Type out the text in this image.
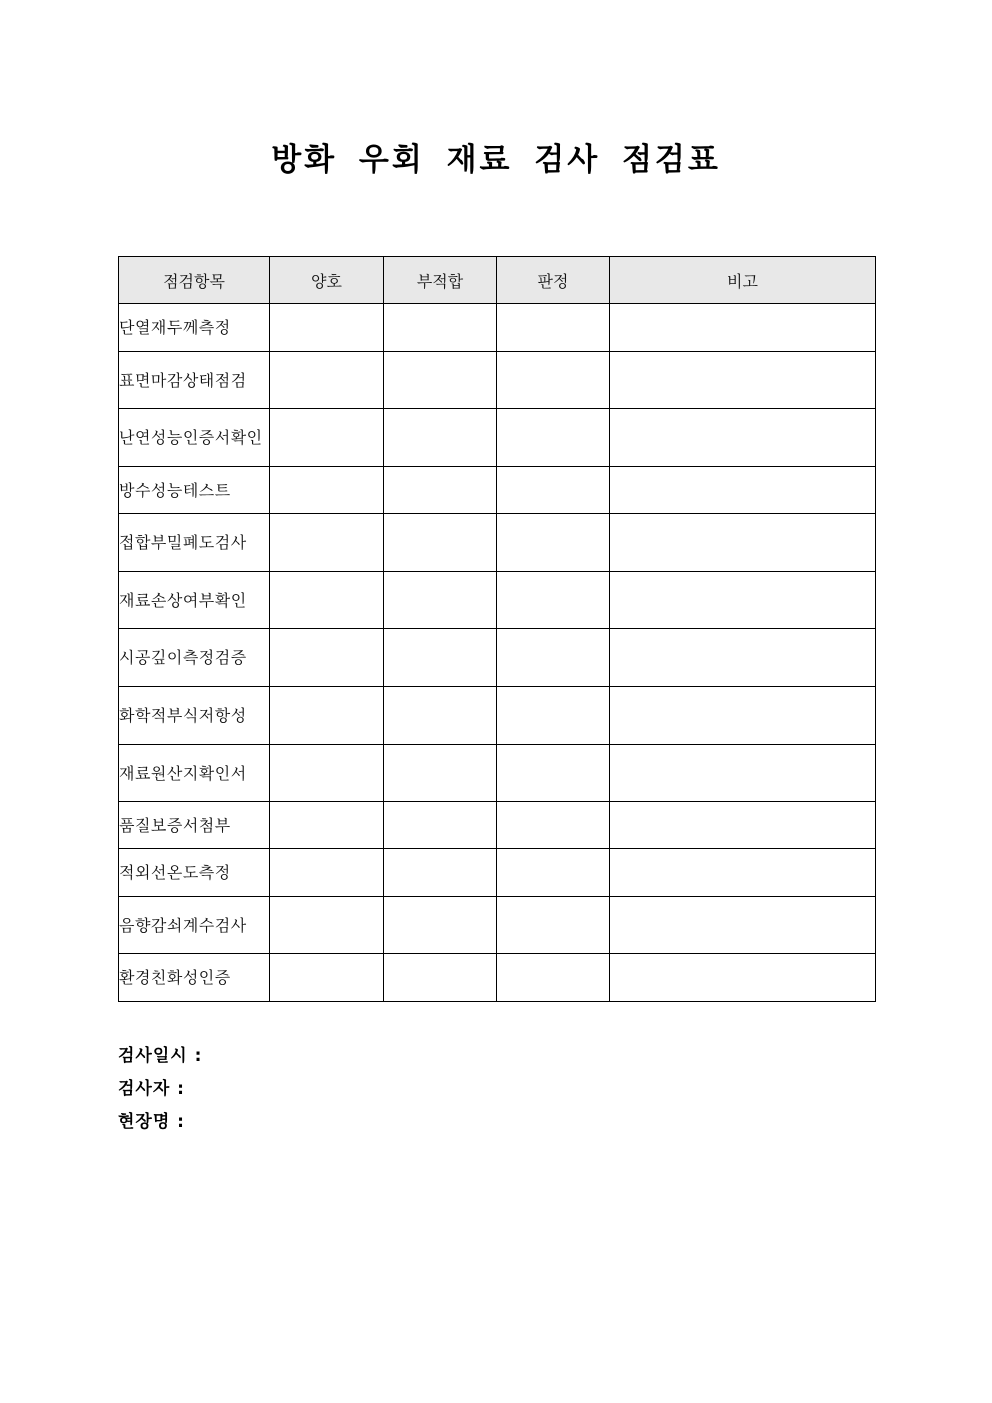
방화 우회 재료 검사 점검표
점검항목	양호	부적합	판정	비고
단열재두께측정				
표면마감상태점검				
난연성능인증서확인				
방수성능테스트				
접합부밀폐도검사				
재료손상여부확인				
시공깊이측정검증				
화학적부식저항성				
재료원산지확인서				
품질보증서첨부				
적외선온도측정				
음향감쇠계수검사				
환경친화성인증				
검사일시 :
검사자 :
현장명 :
